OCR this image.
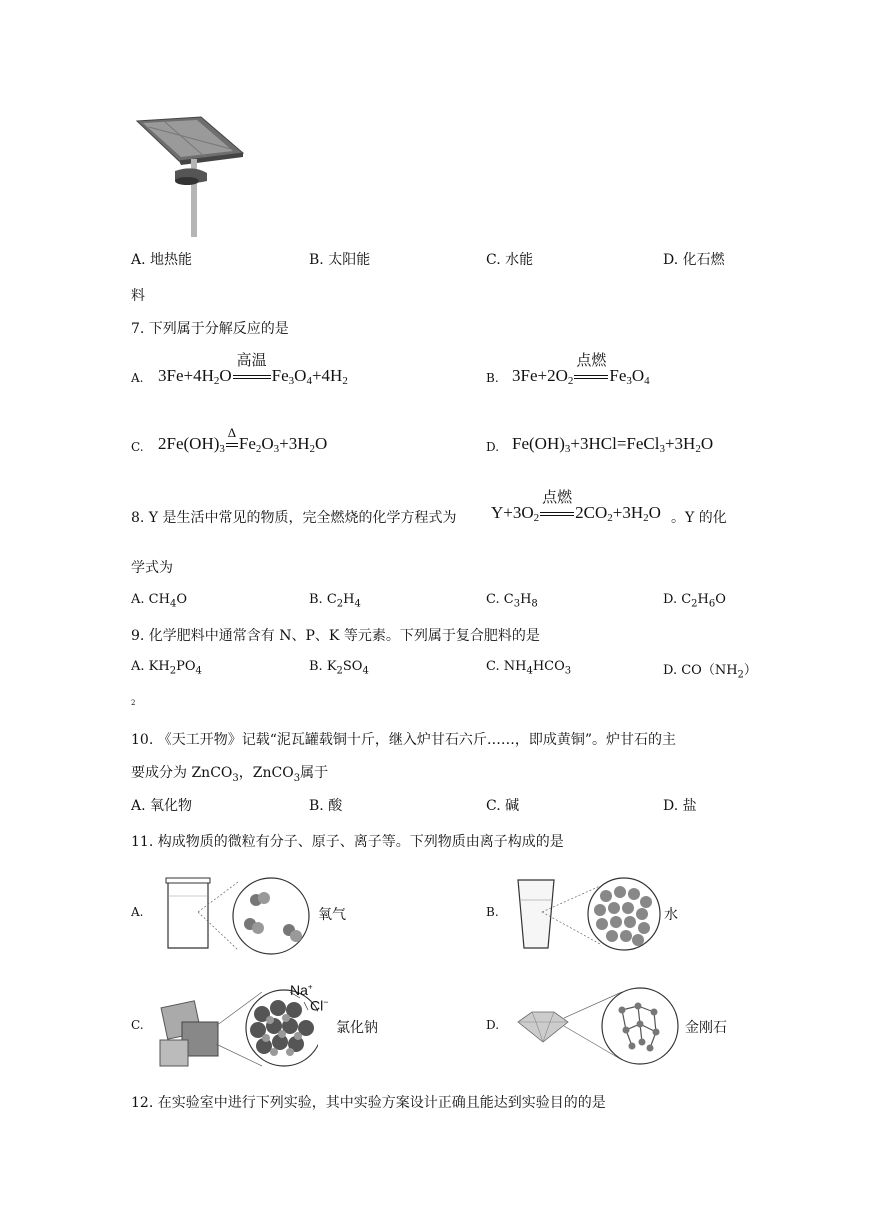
A. 地热能	B. 太阳能	C. 水能	D. 化石燃
料
7. 下列属于分解反应的是
A. $3Fe+4H_2O$
高温
$Fe_3O_4+4H_2$	B. $3Fe+2O_2$
点燃
$Fe_3O_4$
C. $2Fe(OH)_3$
Δ
$Fe_2O_3+3H_2O$	D. $Fe(OH)_3+3HCl=FeCl_3+3H_2O$
8. Y 是生活中常见的物质，完全燃烧的化学方程式为 $Y+3O_2$
点燃
$2CO_2+3H_2O$ 。Y 的化
学式为
A. $CH_4O$	B. $C_2H_4$	C. $C_3H_8$	D. $C_2H_6O$
9. 化学肥料中通常含有 N、P、K 等元素。下列属于复合肥料的是
A. $KH_2PO_4$	B. $K_2SO_4$	C. $NH_4HCO_3$	D. $CO(NH_2)$
2
10. 《天工开物》记载“泥瓦罐载铜十斤，继入炉甘石六斤……，即成黄铜”。炉甘石的主
要成分为 ZnCO$_3$，ZnCO$_3$属于
A. 氧化物	B. 酸	C. 碱	D. 盐
11. 构成物质的微粒有分子、原子、离子等。下列物质由离子构成的是
A.	氧气	B.	水
C.
Na+
Cl−
氯化钠	D.	金刚石
12. 在实验室中进行下列实验，其中实验方案设计正确且能达到实验目的的是
